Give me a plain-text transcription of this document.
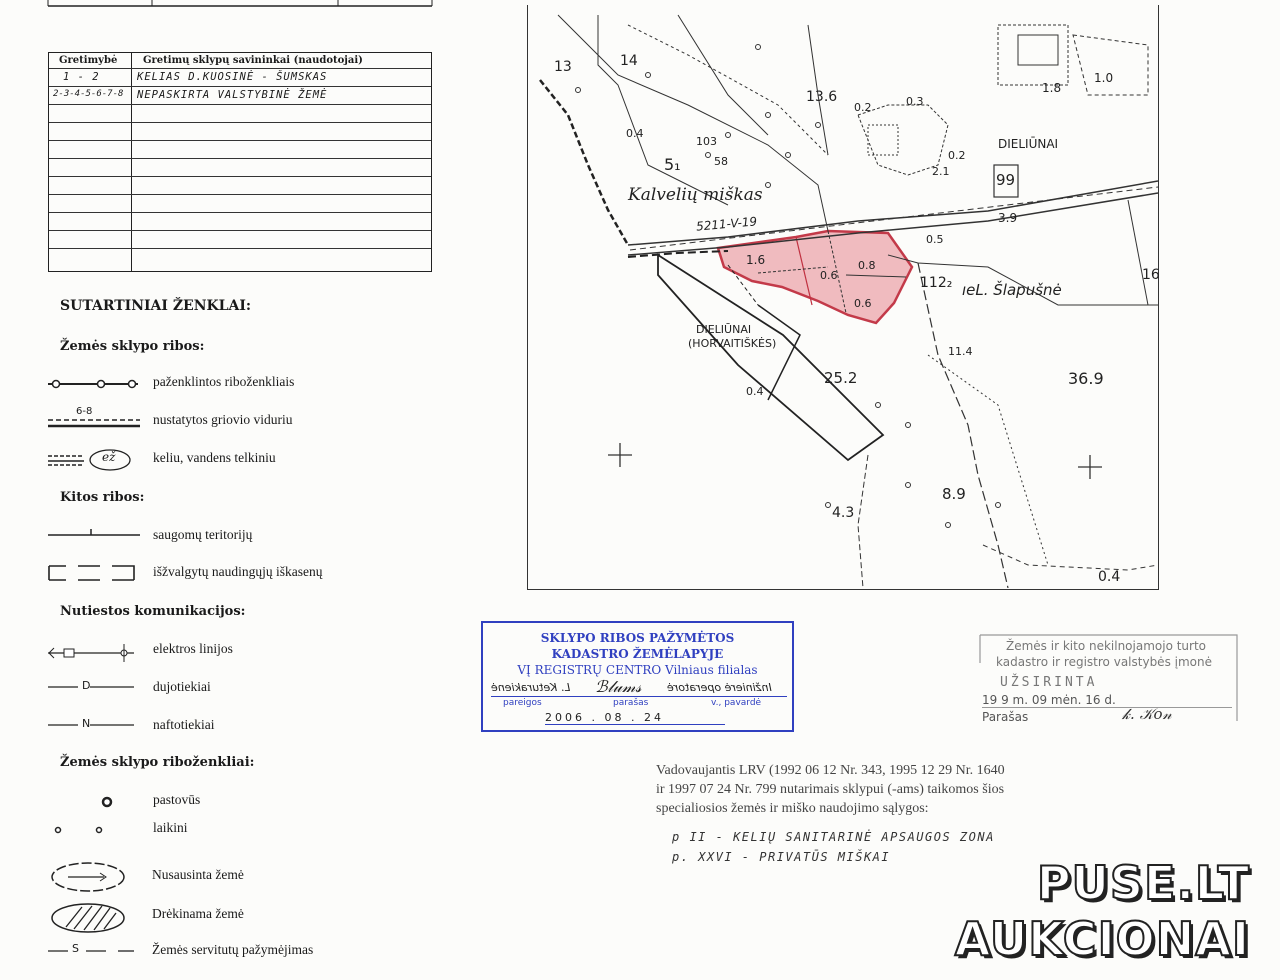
Gretimybė	Gretimų sklypų savininkai (naudotojai)
1 - 2	KELIAS D.KUOSINĖ - ŠUMSKAS
2-3-4-5-6-7-8 NEPASKIRTA VALSTYBINĖ ŽEMĖ
SUTARTINIAI ŽENKLAI:
Žemės sklypo ribos:
paženklintos riboženkliais
6-8
nustatytos griovio viduriu
ež	keliu, vandens telkiniu
Kitos ribos:
saugomų teritorijų
išžvalgytų naudingųjų iškasenų
Nutiestos komunikacijos:
elektros linijos
D	dujotiekiai
N	naftotiekiai
Žemės sklypo riboženkliai:
pastovūs
laikini
Nusausinta žemė
Drėkinama žemė
S	Žemės servitutų pažymėjimas
13	14
13.6
103
5₁	58
Kalvelių miškas
5211-V-19
DIELIŪNAI
99
3.9
16
112₂ ıeL. Šlapušnė
36.9
11.4
DIELIŪNAI
(HORVAITIŠKĖS)
25.2
4.3
8.9
0.4
1.6
0.6
0.8
0.6
0.5
1.0
1.8
0.2	0.3
0.2
2.1
0.4
0.4
SKLYPO RIBOS PAŽYMĖTOS
KADASTRO ŽEMĖLAPYJE
VĮ REGISTRŲ CENTRO Vilniaus filialas
L. Keturakienė ℬ𝓁𝓊𝓂𝓈 Inžinierė operatorė
pareigos	parašas	v., pavardė
2006 . 08 . 24
Žemės ir kito nekilnojamojo turto
kadastro ir registro valstybės įmonė
UŽSIRINTA
19 9 m. 09 mėn. 16 d.
Parašas	𝓀. 𝒦𝑜𝓃
Vadovaujantis LRV (1992 06 12 Nr. 343, 1995 12 29 Nr. 1640
ir 1997 07 24 Nr. 799 nutarimais sklypui (-ams) taikomos šios
specialiosios žemės ir miško naudojimo sąlygos:
p II - KELIŲ SANITARINĖ APSAUGOS ZONA
p. XXVI - PRIVATŪS MIŠKAI	PUSE.LT
AUKCIONAI
